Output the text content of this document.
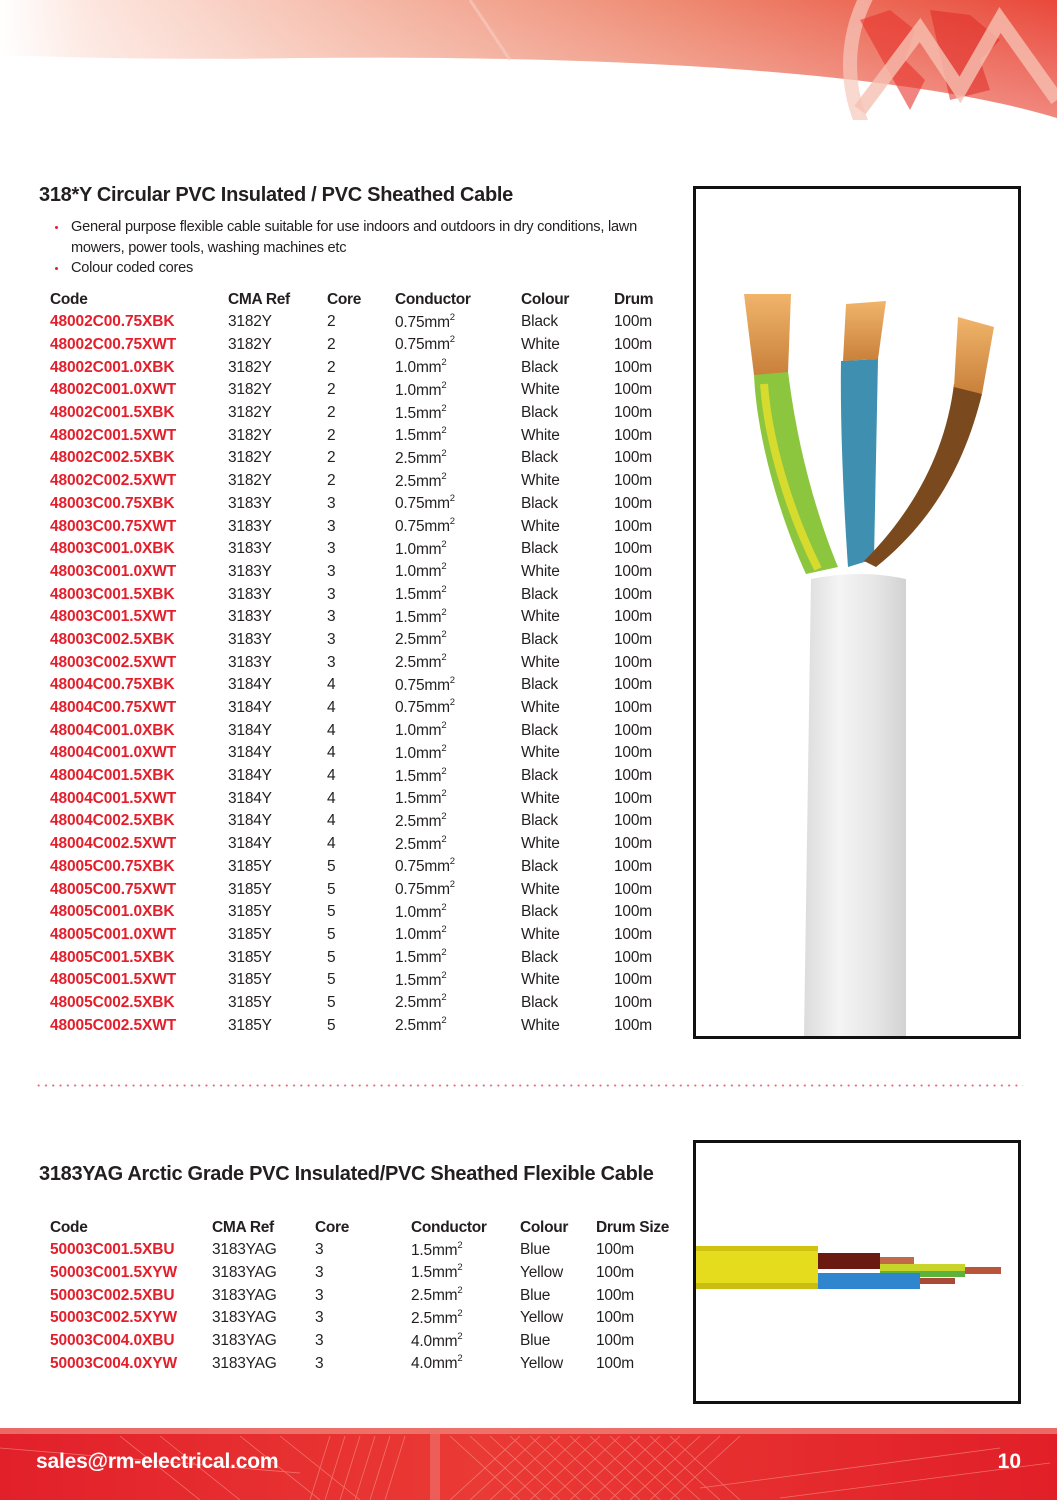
318*Y Circular PVC Insulated / PVC Sheathed Cable
General purpose flexible cable suitable for use indoors and outdoors in dry conditions, lawn mowers, power tools, washing machines etc
Colour coded cores
Code	CMA Ref	Core	Conductor	Colour	Drum
48002C00.75XBK	3182Y	2	$0.75mm^2$	Black	100m
48002C00.75XWT	3182Y	2	$0.75mm^2$	White	100m
48002C001.0XBK	3182Y	2	$1.0mm^2$	Black	100m
48002C001.0XWT	3182Y	2	$1.0mm^2$	White	100m
48002C001.5XBK	3182Y	2	$1.5mm^2$	Black	100m
48002C001.5XWT	3182Y	2	$1.5mm^2$	White	100m
48002C002.5XBK	3182Y	2	$2.5mm^2$	Black	100m
48002C002.5XWT	3182Y	2	$2.5mm^2$	White	100m
48003C00.75XBK	3183Y	3	$0.75mm^2$	Black	100m
48003C00.75XWT	3183Y	3	$0.75mm^2$	White	100m
48003C001.0XBK	3183Y	3	$1.0mm^2$	Black	100m
48003C001.0XWT	3183Y	3	$1.0mm^2$	White	100m
48003C001.5XBK	3183Y	3	$1.5mm^2$	Black	100m
48003C001.5XWT	3183Y	3	$1.5mm^2$	White	100m
48003C002.5XBK	3183Y	3	$2.5mm^2$	Black	100m
48003C002.5XWT	3183Y	3	$2.5mm^2$	White	100m
48004C00.75XBK	3184Y	4	$0.75mm^2$	Black	100m
48004C00.75XWT	3184Y	4	$0.75mm^2$	White	100m
48004C001.0XBK	3184Y	4	$1.0mm^2$	Black	100m
48004C001.0XWT	3184Y	4	$1.0mm^2$	White	100m
48004C001.5XBK	3184Y	4	$1.5mm^2$	Black	100m
48004C001.5XWT	3184Y	4	$1.5mm^2$	White	100m
48004C002.5XBK	3184Y	4	$2.5mm^2$	Black	100m
48004C002.5XWT	3184Y	4	$2.5mm^2$	White	100m
48005C00.75XBK	3185Y	5	$0.75mm^2$	Black	100m
48005C00.75XWT	3185Y	5	$0.75mm^2$	White	100m
48005C001.0XBK	3185Y	5	$1.0mm^2$	Black	100m
48005C001.0XWT	3185Y	5	$1.0mm^2$	White	100m
48005C001.5XBK	3185Y	5	$1.5mm^2$	Black	100m
48005C001.5XWT	3185Y	5	$1.5mm^2$	White	100m
48005C002.5XBK	3185Y	5	$2.5mm^2$	Black	100m
48005C002.5XWT	3185Y	5	$2.5mm^2$	White	100m
3183YAG Arctic Grade PVC Insulated/PVC Sheathed Flexible Cable
Code	CMA Ref	Core	Conductor	Colour	Drum Size
50003C001.5XBU	3183YAG	3	$1.5mm^2$	Blue	100m
50003C001.5XYW	3183YAG	3	$1.5mm^2$	Yellow	100m
50003C002.5XBU	3183YAG	3	$2.5mm^2$	Blue	100m
50003C002.5XYW	3183YAG	3	$2.5mm^2$	Yellow	100m
50003C004.0XBU	3183YAG	3	$4.0mm^2$	Blue	100m
50003C004.0XYW	3183YAG	3	$4.0mm^2$	Yellow	100m
sales@rm-electrical.com	10
